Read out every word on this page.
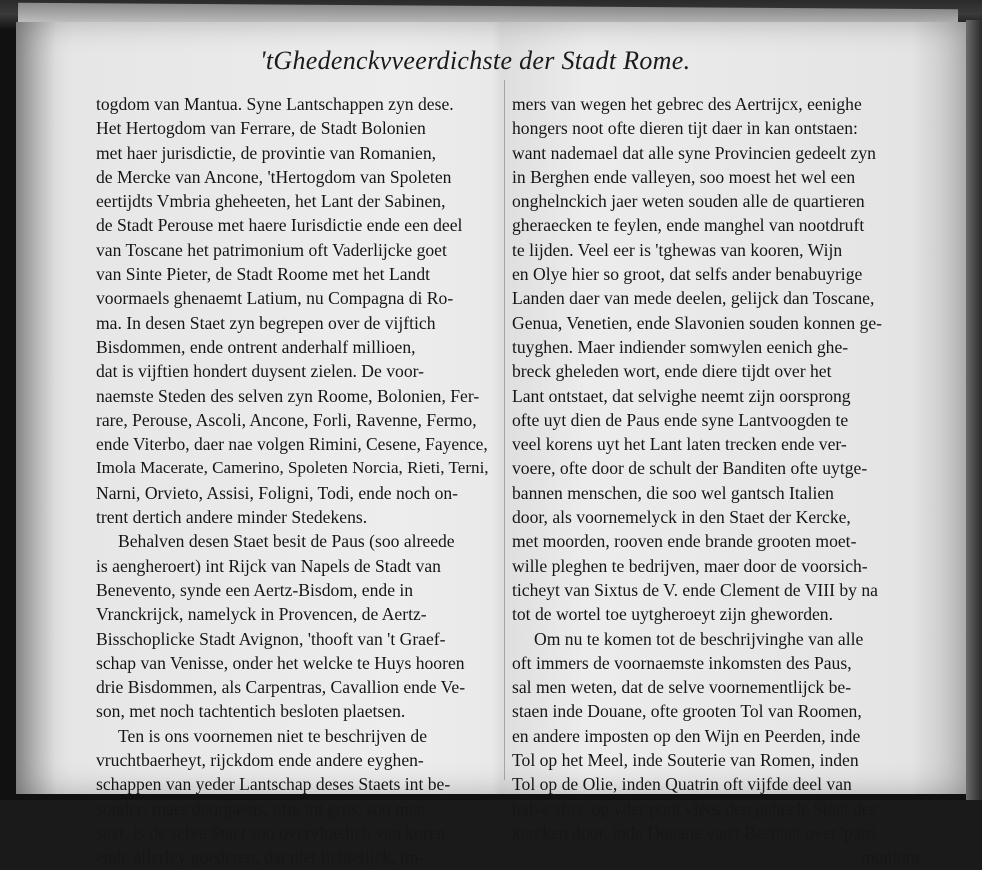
'tGhedenckvveerdichste der Stadt Rome.
togdom van Mantua. Syne Lantschappen zyn dese.
Het Hertogdom van Ferrare, de Stadt Bolonien
met haer jurisdictie, de provintie van Romanien,
de Mercke van Ancone, 'tHertogdom van Spoleten
eertijdts Vmbria gheheeten, het Lant der Sabinen,
de Stadt Perouse met haere Iurisdictie ende een deel
van Toscane het patrimonium oft Vaderlijcke goet
van Sinte Pieter, de Stadt Roome met het Landt
voormaels ghenaemt Latium, nu Compagna di Ro-
ma. In desen Staet zyn begrepen over de vijftich
Bisdommen, ende ontrent anderhalf millioen,
dat is vijftien hondert duysent zielen. De voor-
naemste Steden des selven zyn Roome, Bolonien, Fer-
rare, Perouse, Ascoli, Ancone, Forli, Ravenne, Fermo,
ende Viterbo, daer nae volgen Rimini, Cesene, Fayence,
Imola Macerate, Camerino, Spoleten Norcia, Rieti, Terni,
Narni, Orvieto, Assisi, Foligni, Todi, ende noch on-
trent dertich andere minder Stedekens.
Behalven desen Staet besit de Paus (soo alreede
is aengheroert) int Rijck van Napels de Stadt van
Benevento, synde een Aertz-Bisdom, ende in
Vranckrijck, namelyck in Provencen, de Aertz-
Bisschoplicke Stadt Avignon, 'thooft van 't Graef-
schap van Venisse, onder het welcke te Huys hooren
drie Bisdommen, als Carpentras, Cavallion ende Ve-
son, met noch tachtentich besloten plaetsen.
Ten is ons voornemen niet te beschrijven de
vruchtbaerheyt, rijckdom ende andere eyghen-
schappen van yeder Lantschap deses Staets int be-
sonder: maer doorgaens, ofte int gros, soo men
seyt, is de selve Staet soo overvloedich van koren
ende allerley goederen, dat niet lichtelijck, im-
mers van wegen het gebrec des Aertrijcx, eenighe
hongers noot ofte dieren tijt daer in kan ontstaen:
want nademael dat alle syne Provincien gedeelt zyn
in Berghen ende valleyen, soo moest het wel een
onghelnckich jaer weten souden alle de quartieren
gheraecken te feylen, ende manghel van nootdruft
te lijden. Veel eer is 'tghewas van kooren, Wijn
en Olye hier so groot, dat selfs ander benabuyrige
Landen daer van mede deelen, gelijck dan Toscane,
Genua, Venetien, ende Slavonien souden konnen ge-
tuyghen. Maer indiender somwylen eenich ghe-
breck gheleden wort, ende diere tijdt over het
Lant ontstaet, dat selvighe neemt zijn oorsprong
ofte uyt dien de Paus ende syne Lantvoogden te
veel korens uyt het Lant laten trecken ende ver-
voere, ofte door de schult der Banditen ofte uytge-
bannen menschen, die soo wel gantsch Italien
door, als voornemelyck in den Staet der Kercke,
met moorden, rooven ende brande grooten moet-
wille pleghen te bedrijven, maer door de voorsich-
ticheyt van Sixtus de V. ende Clement de VIII by na
tot de wortel toe uytgheroeyt zijn gheworden.
Om nu te komen tot de beschrijvinghe van alle
oft immers de voornaemste inkomsten des Paus,
sal men weten, dat de selve voornementlijck be-
staen inde Douane, ofte grooten Tol van Roomen,
en andere imposten op den Wijn en Peerden, inde
Tol op het Meel, inde Souterie van Romen, inden
Tol op de Olie, inden Quatrin oft vijfde deel van
halve stuy. op yder pont vlees den geheele Staet der
kercken door, inde Douane van't Bestiael over 'patri-
monium.
